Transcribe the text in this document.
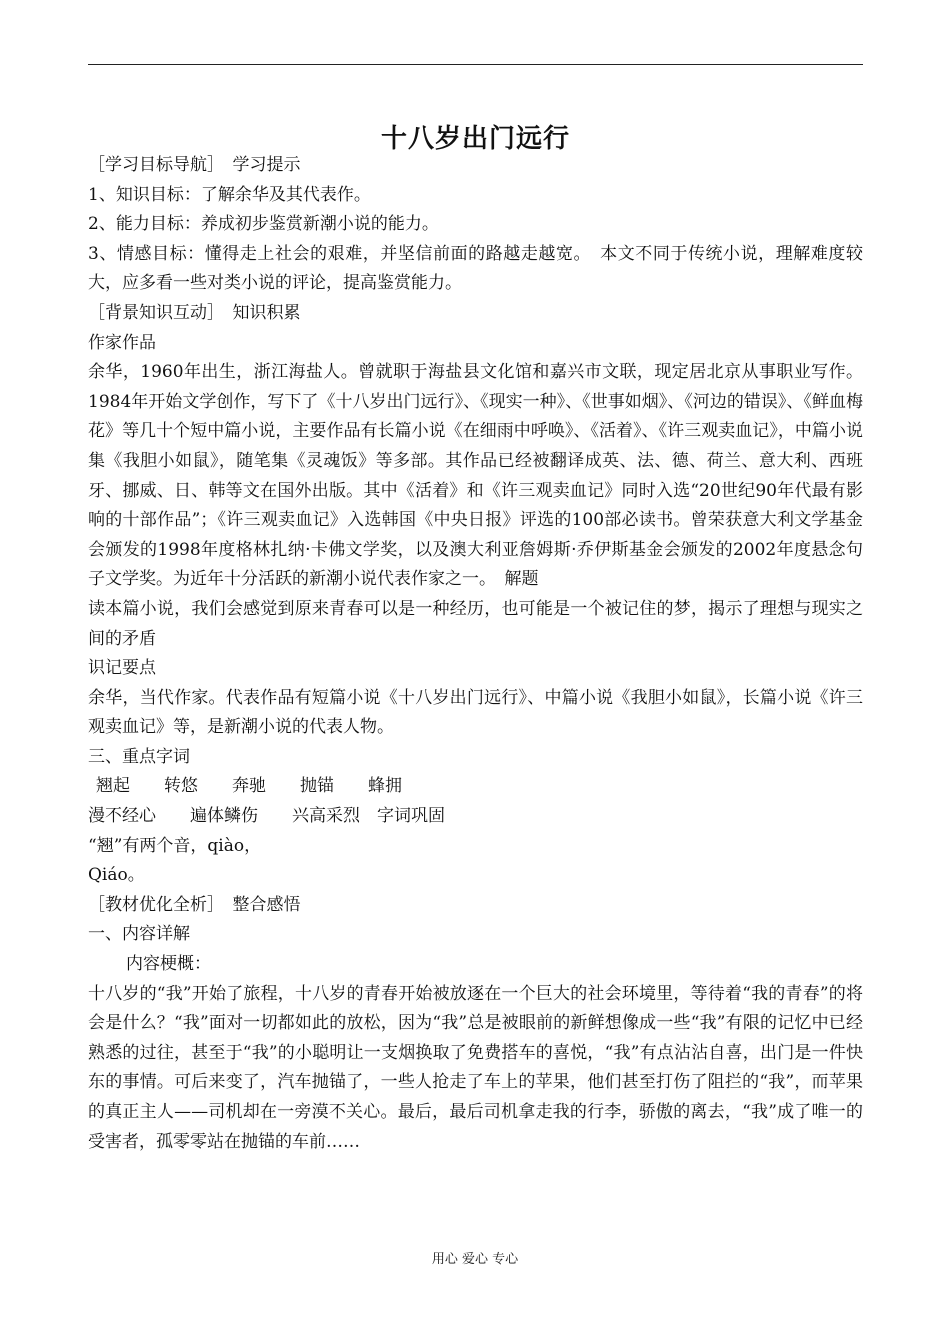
十八岁出门远行

［学习目标导航］　学习提示

1、知识目标：了解余华及其代表作。

2、能力目标：养成初步鉴赏新潮小说的能力。

3、情感目标：懂得走上社会的艰难，并坚信前面的路越走越宽。　本文不同于传统小说，理解难度较大，应多看一些对类小说的评论，提高鉴赏能力。

［背景知识互动］　知识积累

作家作品

余华，1960年出生，浙江海盐人。曾就职于海盐县文化馆和嘉兴市文联，现定居北京从事职业写作。1984年开始文学创作，写下了《十八岁出门远行》、《现实一种》、《世事如烟》、《河边的错误》、《鲜血梅花》等几十个短中篇小说，主要作品有长篇小说《在细雨中呼唤》、《活着》、《许三观卖血记》，中篇小说集《我胆小如鼠》，随笔集《灵魂饭》等多部。其作品已经被翻译成英、法、德、荷兰、意大利、西班牙、挪威、日、韩等文在国外出版。其中《活着》和《许三观卖血记》同时入选“20世纪90年代最有影响的十部作品”；《许三观卖血记》入选韩国《中央日报》评选的100部必读书。曾荣获意大利文学基金会颁发的1998年度格林扎纳·卡佛文学奖，以及澳大利亚詹姆斯·乔伊斯基金会颁发的2002年度悬念句子文学奖。为近年十分活跃的新潮小说代表作家之一。　解题

读本篇小说，我们会感觉到原来青春可以是一种经历，也可能是一个被记住的梦，揭示了理想与现实之间的矛盾

识记要点

余华，当代作家。代表作品有短篇小说《十八岁出门远行》、中篇小说《我胆小如鼠》，长篇小说《许三观卖血记》等，是新潮小说的代表人物。

三、重点字词

翘起　　转悠　　奔驰　　抛锚　　蜂拥

漫不经心　　遍体鳞伤　　兴高采烈　字词巩固

“翘”有两个音，qiào，

Qiáo。

［教材优化全析］　整合感悟

一、内容详解

内容梗概：

十八岁的“我”开始了旅程，十八岁的青春开始被放逐在一个巨大的社会环境里，等待着“我的青春”的将会是什么？“我”面对一切都如此的放松，因为“我”总是被眼前的新鲜想像成一些“我”有限的记忆中已经熟悉的过往，甚至于“我”的小聪明让一支烟换取了免费搭车的喜悦，“我”有点沾沾自喜，出门是一件快东的事情。可后来变了，汽车抛锚了，一些人抢走了车上的苹果，他们甚至打伤了阻拦的“我”，而苹果的真正主人——司机却在一旁漠不关心。最后，最后司机拿走我的行李，骄傲的离去，“我”成了唯一的受害者，孤零零站在抛锚的车前……

用心 爱心 专心
